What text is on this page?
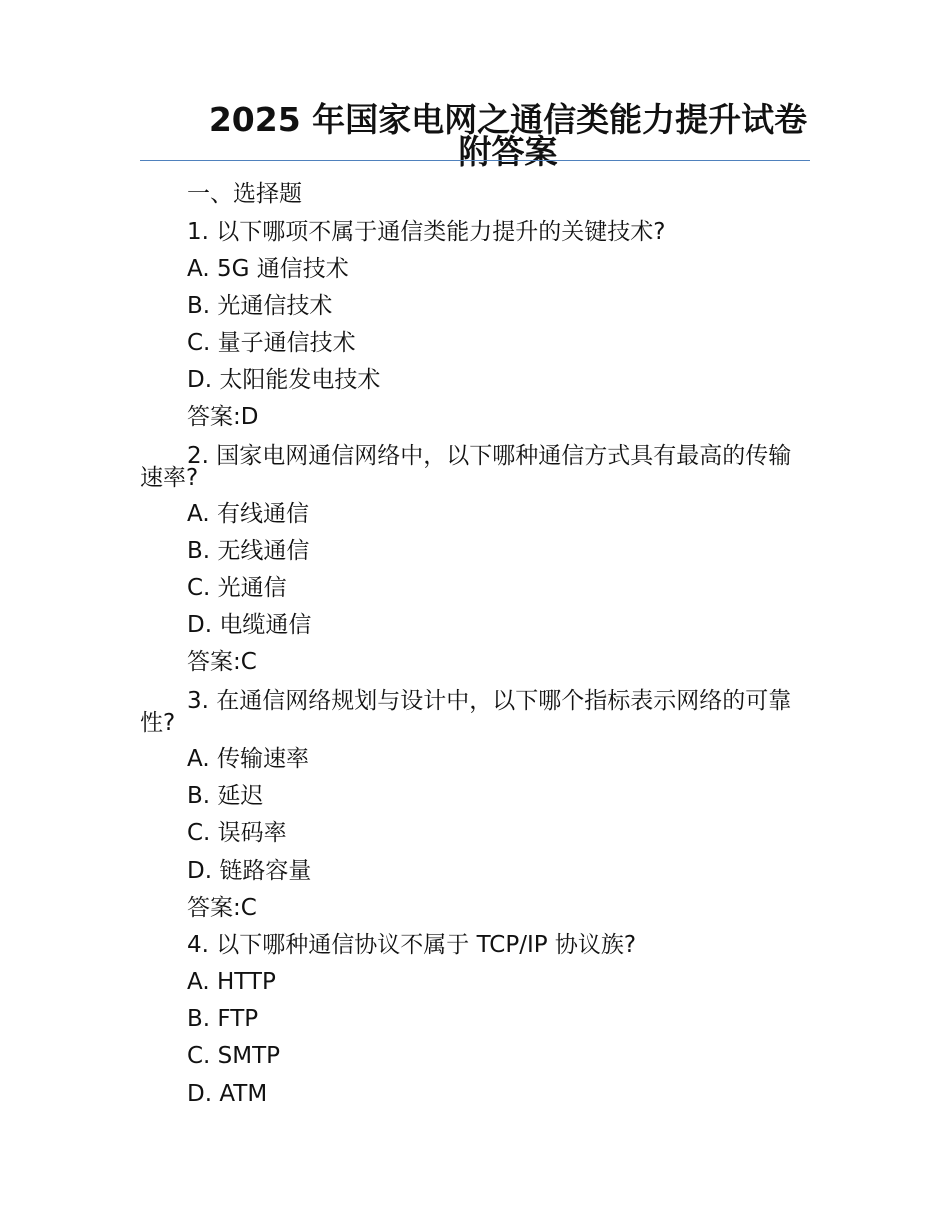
2025 年国家电网之通信类能力提升试卷
附答案
一、选择题
1. 以下哪项不属于通信类能力提升的关键技术?
A. 5G 通信技术
B. 光通信技术
C. 量子通信技术
D. 太阳能发电技术
答案:D
2. 国家电网通信网络中，以下哪种通信方式具有最高的传输速率?
A. 有线通信
B. 无线通信
C. 光通信
D. 电缆通信
答案:C
3. 在通信网络规划与设计中，以下哪个指标表示网络的可靠性?
A. 传输速率
B. 延迟
C. 误码率
D. 链路容量
答案:C
4. 以下哪种通信协议不属于 TCP/IP 协议族?
A. HTTP
B. FTP
C. SMTP
D. ATM
